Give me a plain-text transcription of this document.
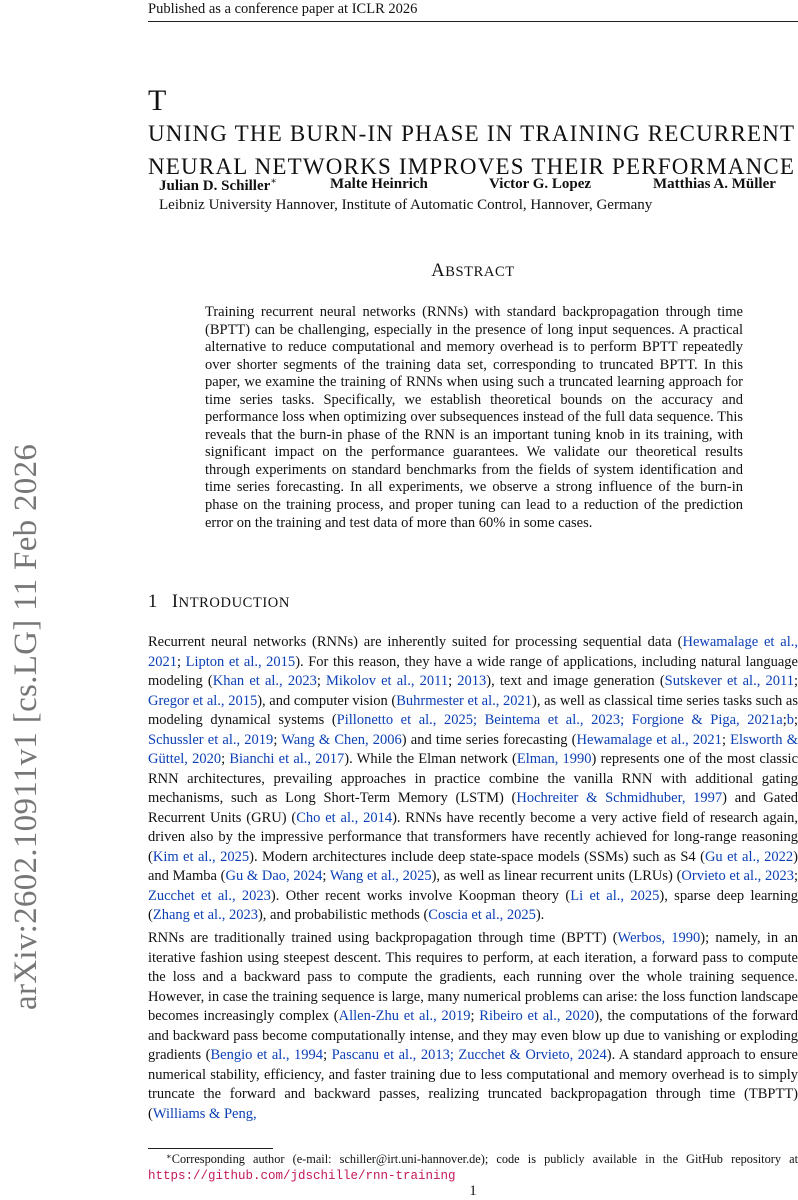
Published as a conference paper at ICLR 2026
arXiv:2602.10911v1 [cs.LG] 11 Feb 2026
T
UNING THE BURN-IN PHASE IN TRAINING RECURRENT
NEURAL NETWORKS IMPROVES THEIR PERFORMANCE
Julian D. Schiller∗	Malte Heinrich	Victor G. Lopez	Matthias A. Müller
Leibniz University Hannover, Institute of Automatic Control, Hannover, Germany
ABSTRACT

Training recurrent neural networks (RNNs) with standard backpropagation through time (BPTT) can be challenging, especially in the presence of long input sequences. A practical alternative to reduce computational and memory overhead is to perform BPTT repeatedly over shorter segments of the training data set, corresponding to truncated BPTT. In this paper, we examine the training of RNNs when using such a truncated learning approach for time series tasks. Specifically, we establish theoretical bounds on the accuracy and performance loss when optimizing over subsequences instead of the full data sequence. This reveals that the burn-in phase of the RNN is an important tuning knob in its training, with significant impact on the performance guarantees. We validate our theoretical results through experiments on standard benchmarks from the fields of system identification and time series forecasting. In all experiments, we observe a strong influence of the burn-in phase on the training process, and proper tuning can lead to a reduction of the prediction error on the training and test data of more than 60% in some cases.

1 INTRODUCTION

Recurrent neural networks (RNNs) are inherently suited for processing sequential data (Hewamalage et al., 2021; Lipton et al., 2015). For this reason, they have a wide range of applications, including natural language modeling (Khan et al., 2023; Mikolov et al., 2011; 2013), text and image generation (Sutskever et al., 2011; Gregor et al., 2015), and computer vision (Buhrmester et al., 2021), as well as classical time series tasks such as modeling dynamical systems (Pillonetto et al., 2025; Beintema et al., 2023; Forgione & Piga, 2021a;b; Schussler et al., 2019; Wang & Chen, 2006) and time series forecasting (Hewamalage et al., 2021; Elsworth & Güttel, 2020; Bianchi et al., 2017). While the Elman network (Elman, 1990) represents one of the most classic RNN architectures, prevailing approaches in practice combine the vanilla RNN with additional gating mechanisms, such as Long Short-Term Memory (LSTM) (Hochreiter & Schmidhuber, 1997) and Gated Recurrent Units (GRU) (Cho et al., 2014). RNNs have recently become a very active field of research again, driven also by the impressive performance that transformers have recently achieved for long-range reasoning (Kim et al., 2025). Modern architectures include deep state-space models (SSMs) such as S4 (Gu et al., 2022) and Mamba (Gu & Dao, 2024; Wang et al., 2025), as well as linear recurrent units (LRUs) (Orvieto et al., 2023; Zucchet et al., 2023). Other recent works involve Koopman theory (Li et al., 2025), sparse deep learning (Zhang et al., 2023), and probabilistic methods (Coscia et al., 2025).

RNNs are traditionally trained using backpropagation through time (BPTT) (Werbos, 1990); namely, in an iterative fashion using steepest descent. This requires to perform, at each iteration, a forward pass to compute the loss and a backward pass to compute the gradients, each running over the whole training sequence. However, in case the training sequence is large, many numerical problems can arise: the loss function landscape becomes increasingly complex (Allen-Zhu et al., 2019; Ribeiro et al., 2020), the computations of the forward and backward pass become computationally intense, and they may even blow up due to vanishing or exploding gradients (Bengio et al., 1994; Pascanu et al., 2013; Zucchet & Orvieto, 2024). A standard approach to ensure numerical stability, efficiency, and faster training due to less computational and memory overhead is to simply truncate the forward and backward passes, realizing truncated backpropagation through time (TBPTT) (Williams & Peng,

∗Corresponding author (e-mail: schiller@irt.uni-hannover.de); code is publicly available in the GitHub repository at https://github.com/jdschille/rnn-training

1
